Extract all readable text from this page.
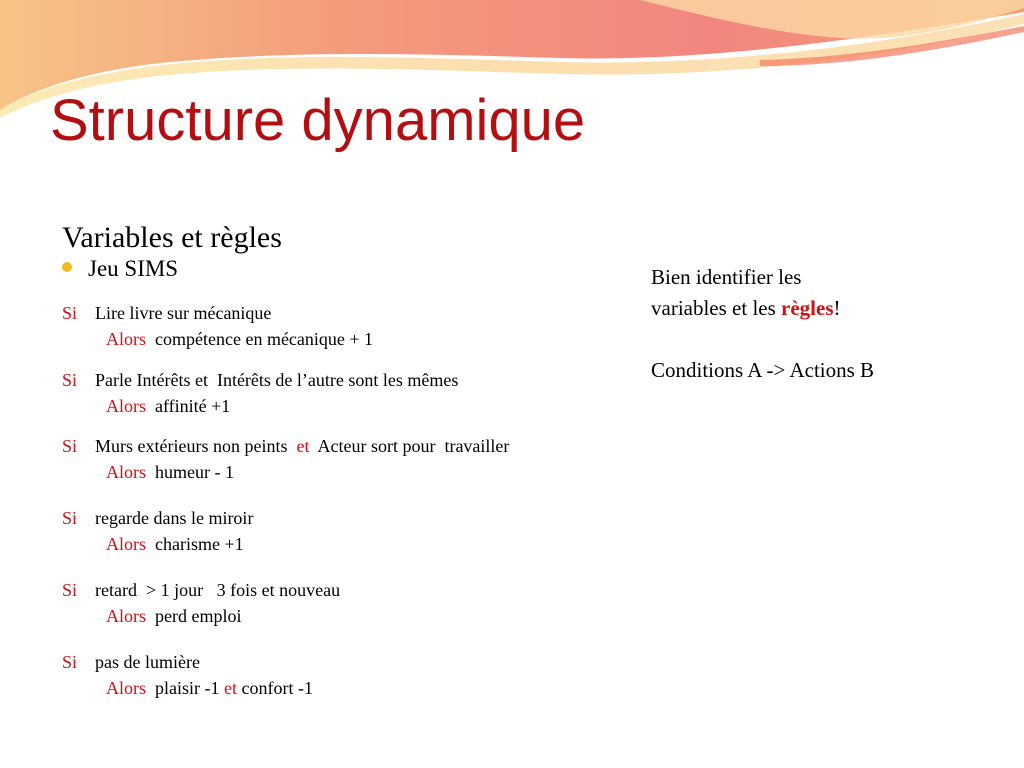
Structure dynamique
Variables et règles
Jeu SIMS
Si Lire livre sur mécanique
Alors compétence en mécanique + 1
Si Parle Intérêts et  Intérêts de l’autre sont les mêmes
Alors affinité +1
Si Murs extérieurs non peints et Acteur sort pour  travailler
Alors humeur - 1
Si regarde dans le miroir
Alors charisme +1
Si retard  > 1 jour   3 fois et nouveau
Alors perd emploi
Si pas de lumière
Alors plaisir -1 et confort -1
Bien identifier les
variables et les règles!
Conditions A -> Actions B
